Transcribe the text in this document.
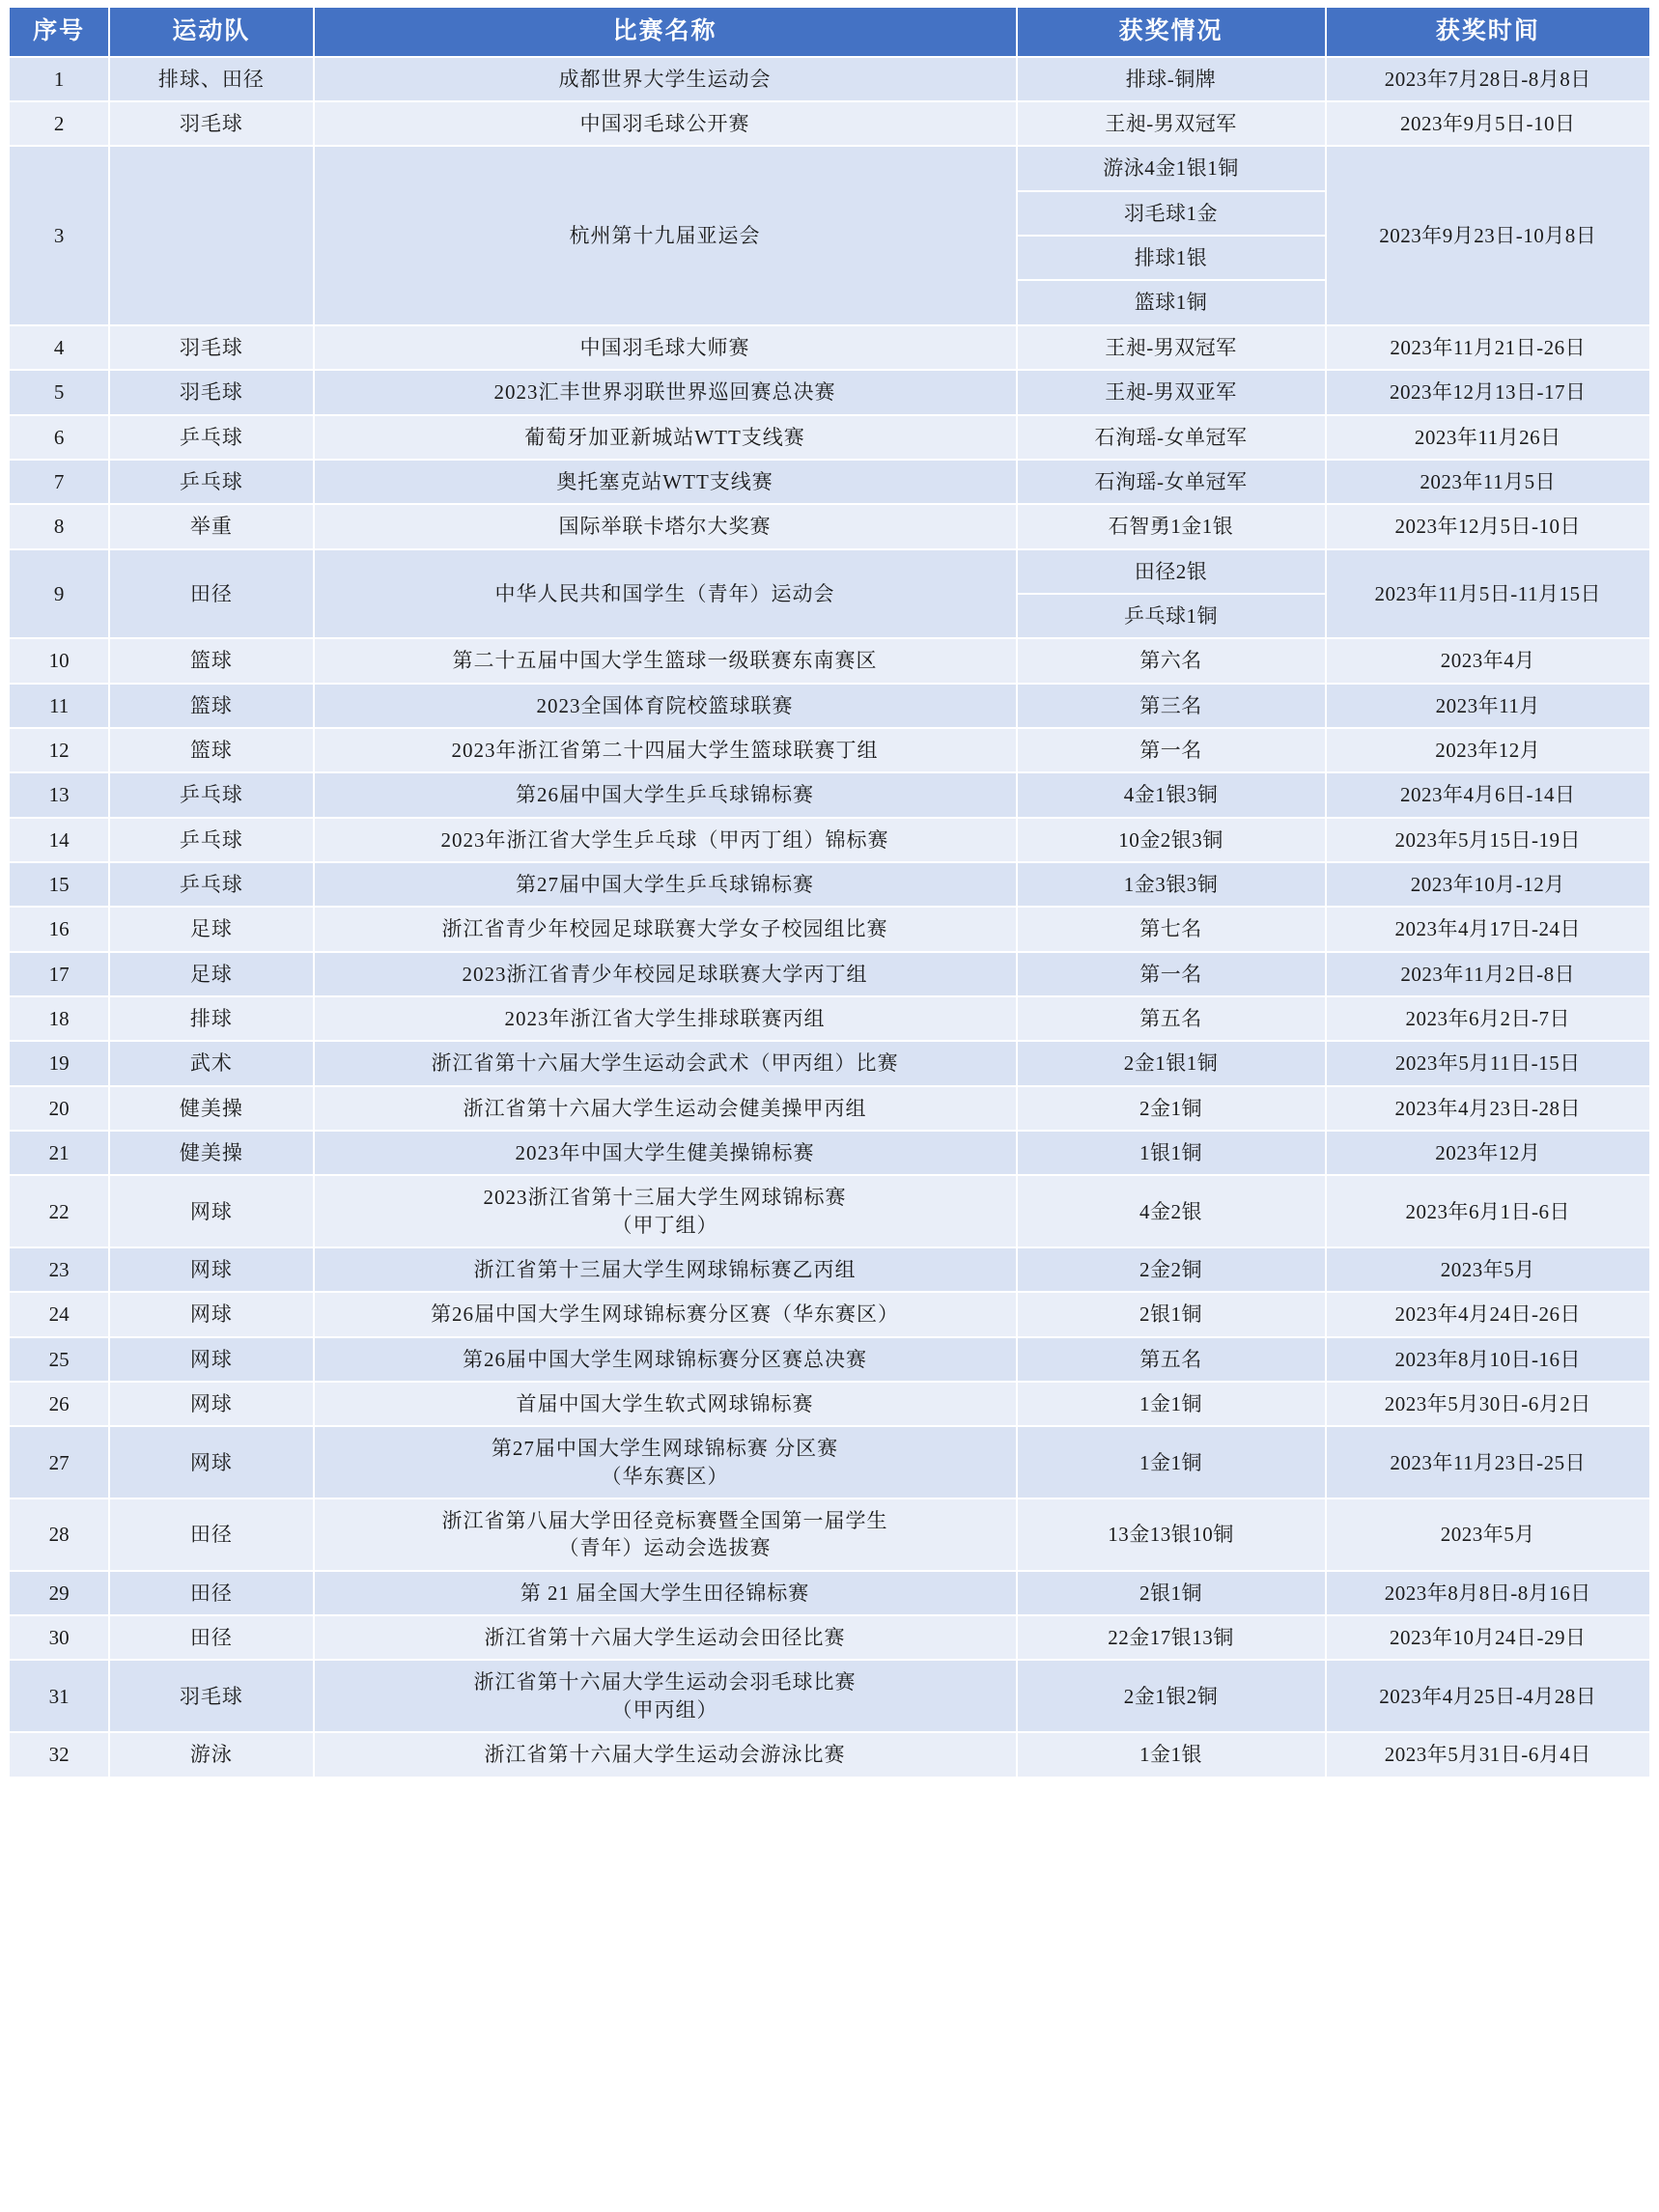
序号	运动队	比赛名称	获奖情况	获奖时间
1	排球、田径	成都世界大学生运动会	排球-铜牌	2023年7月28日-8月8日
2	羽毛球	中国羽毛球公开赛	王昶-男双冠军	2023年9月5日-10日
3		杭州第十九届亚运会	游泳4金1银1铜	2023年9月23日-10月8日
			羽毛球1金	
			排球1银	
			篮球1铜	
4	羽毛球	中国羽毛球大师赛	王昶-男双冠军	2023年11月21日-26日
5	羽毛球	2023汇丰世界羽联世界巡回赛总决赛	王昶-男双亚军	2023年12月13日-17日
6	乒乓球	葡萄牙加亚新城站WTT支线赛	石洵瑶-女单冠军	2023年11月26日
7	乒乓球	奥托塞克站WTT支线赛	石洵瑶-女单冠军	2023年11月5日
8	举重	国际举联卡塔尔大奖赛	石智勇1金1银	2023年12月5日-10日
9	田径	中华人民共和国学生（青年）运动会	田径2银	2023年11月5日-11月15日
			乒乓球1铜	
10	篮球	第二十五届中国大学生篮球一级联赛东南赛区	第六名	2023年4月
11	篮球	2023全国体育院校篮球联赛	第三名	2023年11月
12	篮球	2023年浙江省第二十四届大学生篮球联赛丁组	第一名	2023年12月
13	乒乓球	第26届中国大学生乒乓球锦标赛	4金1银3铜	2023年4月6日-14日
14	乒乓球	2023年浙江省大学生乒乓球（甲丙丁组）锦标赛	10金2银3铜	2023年5月15日-19日
15	乒乓球	第27届中国大学生乒乓球锦标赛	1金3银3铜	2023年10月-12月
16	足球	浙江省青少年校园足球联赛大学女子校园组比赛	第七名	2023年4月17日-24日
17	足球	2023浙江省青少年校园足球联赛大学丙丁组	第一名	2023年11月2日-8日
18	排球	2023年浙江省大学生排球联赛丙组	第五名	2023年6月2日-7日
19	武术	浙江省第十六届大学生运动会武术（甲丙组）比赛	2金1银1铜	2023年5月11日-15日
20	健美操	浙江省第十六届大学生运动会健美操甲丙组	2金1铜	2023年4月23日-28日
21	健美操	2023年中国大学生健美操锦标赛	1银1铜	2023年12月
22	网球	2023浙江省第十三届大学生网球锦标赛
（甲丁组）	4金2银	2023年6月1日-6日
23	网球	浙江省第十三届大学生网球锦标赛乙丙组	2金2铜	2023年5月
24	网球	第26届中国大学生网球锦标赛分区赛（华东赛区）	2银1铜	2023年4月24日-26日
25	网球	第26届中国大学生网球锦标赛分区赛总决赛	第五名	2023年8月10日-16日
26	网球	首届中国大学生软式网球锦标赛	1金1铜	2023年5月30日-6月2日
27	网球	第27届中国大学生网球锦标赛 分区赛
（华东赛区）	1金1铜	2023年11月23日-25日
28	田径	浙江省第八届大学田径竞标赛暨全国第一届学生
（青年）运动会选拔赛	13金13银10铜	2023年5月
29	田径	第 21 届全国大学生田径锦标赛	2银1铜	2023年8月8日-8月16日
30	田径	浙江省第十六届大学生运动会田径比赛	22金17银13铜	2023年10月24日-29日
31	羽毛球	浙江省第十六届大学生运动会羽毛球比赛
（甲丙组）	2金1银2铜	2023年4月25日-4月28日
32	游泳	浙江省第十六届大学生运动会游泳比赛	1金1银	2023年5月31日-6月4日
